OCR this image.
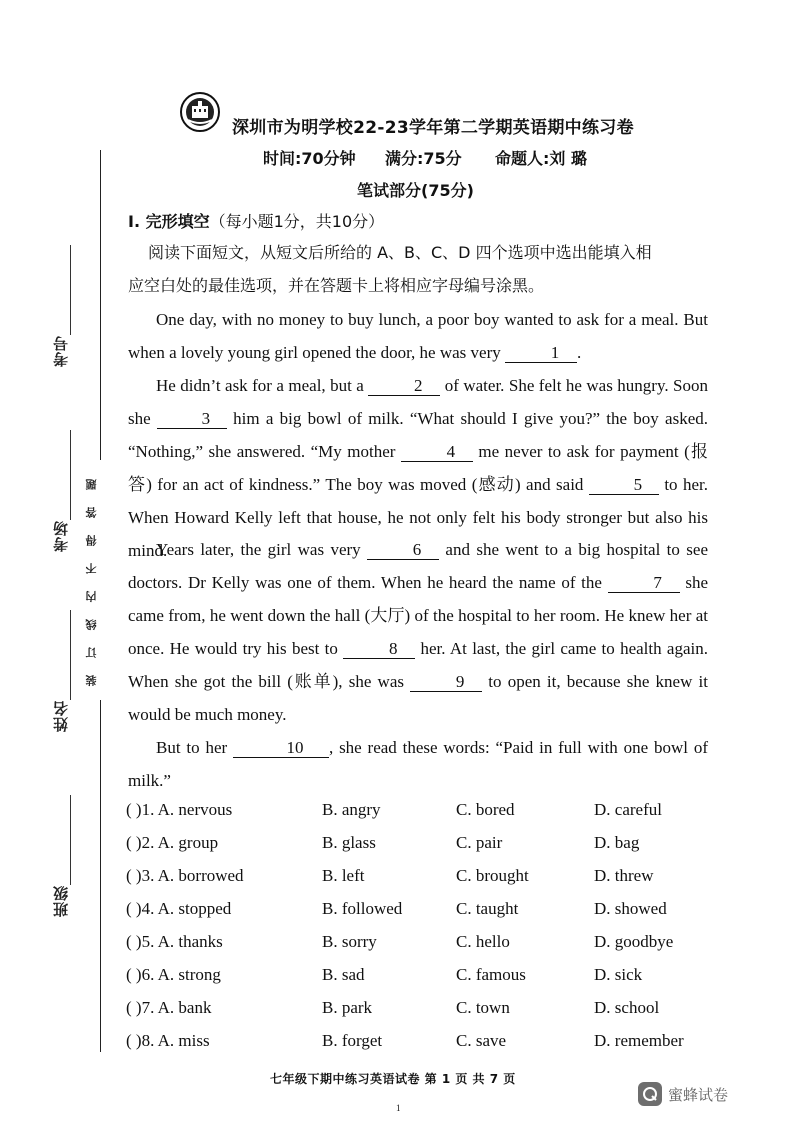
装订线内不得答题
考号
考场
姓名
班级
深圳市为明学校22-23学年第二学期英语期中练习卷
时间:70分钟 满分:75分 命题人:刘 璐
笔试部分(75分)
I. 完形填空（每小题1分，共10分）
阅读下面短文，从短文后所给的 A、B、C、D 四个选项中选出能填入相
应空白处的最佳选项，并在答题卡上将相应字母编号涂黑。
One day, with no money to buy lunch, a poor boy wanted to ask for a meal. But when a lovely young girl opened the door, he was very	1 .
He didn’t ask for a meal, but a	2 of water. She felt he was hungry. Soon she	3 him a big bowl of milk. “What should I give you?” the boy asked. “Nothing,” she answered. “My mother	4 me never to ask for payment (报答) for an act of kindness.” The boy was moved (感动) and said	5 to her. When Howard Kelly left that house, he not only felt his body stronger but also his mind.
Years later, the girl was very	6 and she went to a big hospital to see doctors. Dr Kelly was one of them. When he heard the name of the	7 she came from, he went down the hall (大厅) of the hospital to her room. He knew her at once. He would try his best to	8 her. At last, the girl came to health again. When she got the bill (账单), she was	9 to open it, because she knew it would be much money.
But to her	10 , she read these words: “Paid in full with one bowl of milk.”
( )1. A. nervous	B. angry	C. bored	D. careful
( )2. A. group	B. glass	C. pair	D. bag
( )3. A. borrowed	B. left	C. brought	D. threw
( )4. A. stopped	B. followed	C. taught	D. showed
( )5. A. thanks	B. sorry	C. hello	D. goodbye
( )6. A. strong	B. sad	C. famous	D. sick
( )7. A. bank	B. park	C. town	D. school
( )8. A. miss	B. forget	C. save	D. remember
七年级下期中练习英语试卷 第 1 页 共 7 页
1
蜜蜂试卷
